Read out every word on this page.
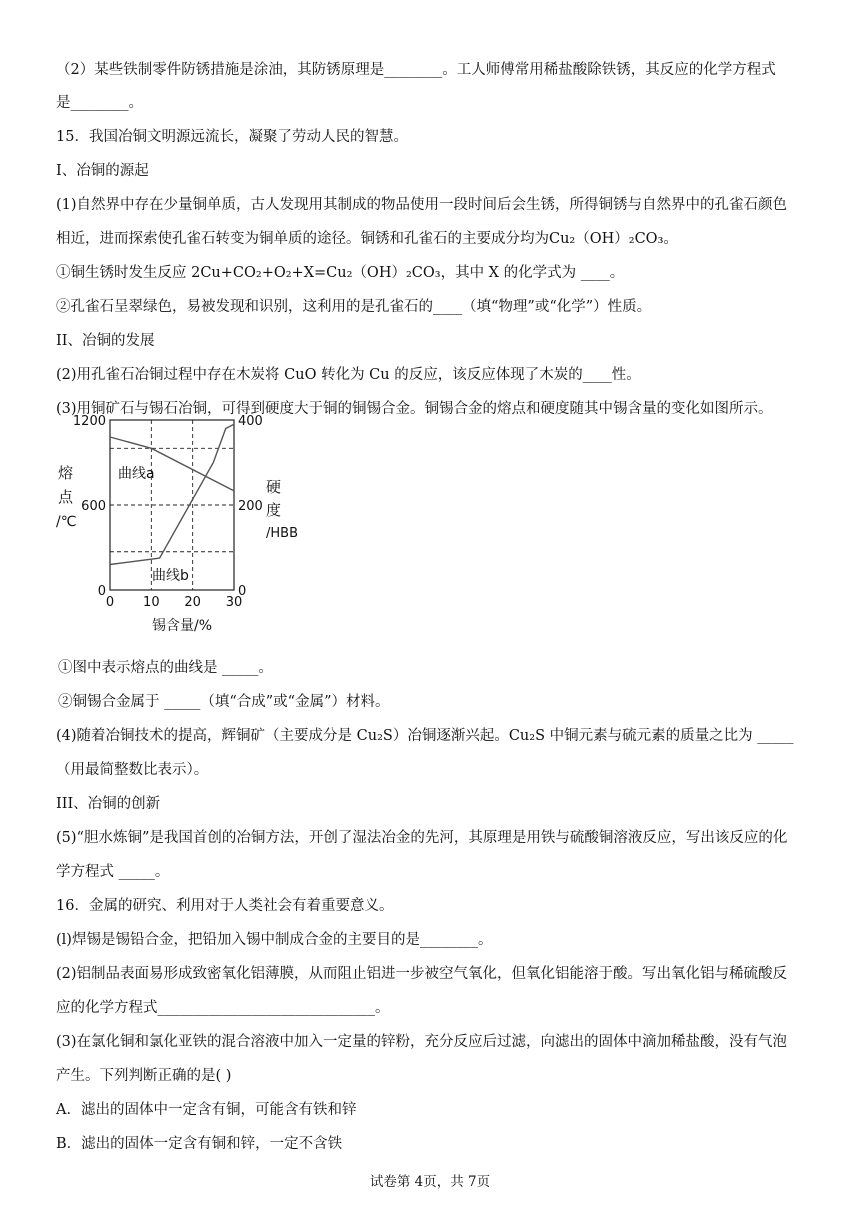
（2）某些铁制零件防锈措施是涂油，其防锈原理是________。工人师傅常用稀盐酸除铁锈，其反应的化学方程式
是________。
15．我国冶铜文明源远流长，凝聚了劳动人民的智慧。
I、冶铜的源起
(1)自然界中存在少量铜单质，古人发现用其制成的物品使用一段时间后会生锈，所得铜锈与自然界中的孔雀石颜色
相近，进而探索使孔雀石转变为铜单质的途径。铜锈和孔雀石的主要成分均为Cu₂（OH）₂CO₃。
①铜生锈时发生反应 2Cu+CO₂+O₂+X=Cu₂（OH）₂CO₃，其中 X 的化学式为 ____。
②孔雀石呈翠绿色，易被发现和识别，这利用的是孔雀石的____（填“物理”或“化学”）性质。
II、冶铜的发展
(2)用孔雀石冶铜过程中存在木炭将 CuO 转化为 Cu 的反应，该反应体现了木炭的____性。
(3)用铜矿石与锡石冶铜，可得到硬度大于铜的铜锡合金。铜锡合金的熔点和硬度随其中锡含量的变化如图所示。
0 10 20 30
0
600
1200
0
200
400
曲线a
曲线b
熔
点
/℃
硬
度
/HBB
锡含量/%
①图中表示熔点的曲线是 _____。
②铜锡合金属于 _____（填“合成”或“金属”）材料。
(4)随着冶铜技术的提高，辉铜矿（主要成分是 Cu₂S）冶铜逐渐兴起。Cu₂S 中铜元素与硫元素的质量之比为 _____
（用最简整数比表示）。
III、冶铜的创新
(5)“胆水炼铜”是我国首创的冶铜方法，开创了湿法冶金的先河，其原理是用铁与硫酸铜溶液反应，写出该反应的化
学方程式 _____。
16．金属的研究、利用对于人类社会有着重要意义。
(l)焊锡是锡铅合金，把铅加入锡中制成合金的主要目的是________。
(2)铝制品表面易形成致密氧化铝薄膜，从而阻止铝进一步被空气氧化，但氧化铝能溶于酸。写出氧化铝与稀硫酸反
应的化学方程式______________________________。
(3)在氯化铜和氯化亚铁的混合溶液中加入一定量的锌粉，充分反应后过滤，向滤出的固体中滴加稀盐酸，没有气泡
产生。下列判断正确的是( )
A．滤出的固体中一定含有铜，可能含有铁和锌
B．滤出的固体一定含有铜和锌，一定不含铁
试卷第 4页，共 7页
